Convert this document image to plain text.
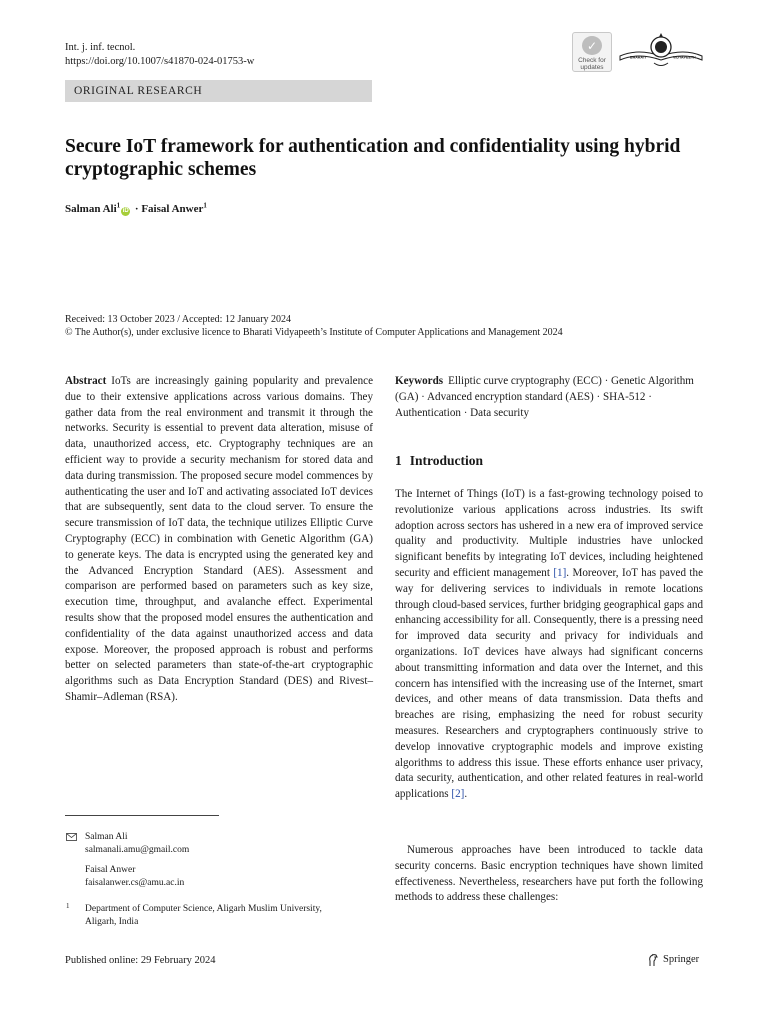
Int. j. inf. tecnol.
https://doi.org/10.1007/s41870-024-01753-w
✓
Check for updates
BHARATI	VIDYAPEETH
ORIGINAL RESEARCH
Secure IoT framework for authentication and confidentiality using hybrid cryptographic schemes
Salman Ali$^1$iD · Faisal Anwer$^1$
Received: 13 October 2023 / Accepted: 12 January 2024
© The Author(s), under exclusive licence to Bharati Vidyapeeth’s Institute of Computer Applications and Management 2024
Abstract IoTs are increasingly gaining popularity and prevalence due to their extensive applications across various domains. They gather data from the real environment and transmit it through the networks. Security is essential to prevent data alteration, misuse of data, unauthorized access, etc. Cryptography techniques are an efficient way to provide a security mechanism for stored data and data during transmission. The proposed secure model commences by authenticating the user and IoT and activating associated IoT devices that are subsequently, sent data to the cloud server. To ensure the secure transmission of IoT data, the technique utilizes Elliptic Curve Cryptography (ECC) in combination with Genetic Algorithm (GA) to generate keys. The data is encrypted using the generated key and the Advanced Encryption Standard (AES). Assessment and comparison are performed based on parameters such as key size, execution time, throughput, and avalanche effect. Experimental results show that the proposed model ensures the authentication and confidentiality of the data against unauthorized access and data expose. Moreover, the proposed approach is robust and performs better on selected parameters than state-of-the-art cryptographic algorithms such as Data Encryption Standard (DES) and Rivest–Shamir–Adleman (RSA).
Keywords Elliptic curve cryptography (ECC) · Genetic Algorithm (GA) · Advanced encryption standard (AES) · SHA-512 · Authentication · Data security
1 Introduction

The Internet of Things (IoT) is a fast-growing technology poised to revolutionize various applications across industries. Its swift adoption across sectors has ushered in a new era of improved service quality and productivity. Multiple industries have unlocked significant benefits by integrating IoT devices, including heightened security and efficient management [1]. Moreover, IoT has paved the way for delivering services to individuals in remote locations through cloud-based services, further bridging geographical gaps and enhancing accessibility for all. Consequently, there is a pressing need for improved data security and privacy for individuals and organizations. IoT devices have always had significant concerns about transmitting information and data over the Internet, and this concern has intensified with the increasing use of the Internet, smart devices, and other means of data transmission. Data thefts and breaches are rising, emphasizing the need for robust security measures. Researchers and cryptographers continuously strive to develop innovative cryptographic models and improve existing algorithms to address this issue. These efforts enhance user privacy, data security, authentication, and other related features in real-world applications [2].

Numerous approaches have been introduced to tackle data security concerns. Basic encryption techniques have shown limited effectiveness. Nevertheless, researchers have put forth the following methods to address these challenges:

Salman Ali
salmanali.amu@gmail.com
Faisal Anwer
faisalanwer.cs@amu.ac.in
1 Department of Computer Science, Aligarh Muslim University, Aligarh, India
Published online: 29 February 2024	Springer
